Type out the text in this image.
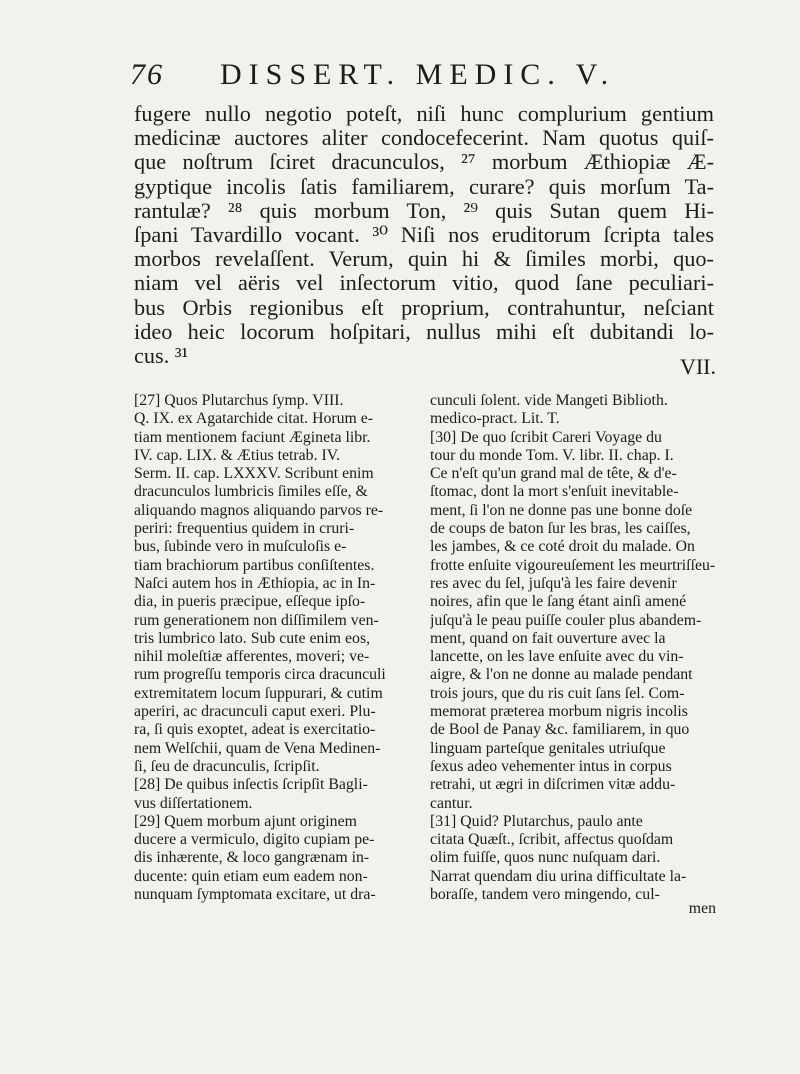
76 DISSERT. MEDIC. V.
fugere nullo negotio poteſt, niſi hunc complurium gentium
medicinæ auctores aliter condocefecerint. Nam quotus quiſ-
que noſtrum ſciret dracunculos, ²⁷ morbum Æthiopiæ Æ-
gyptique incolis ſatis familiarem, curare? quis morſum Ta-
rantulæ? ²⁸ quis morbum Ton, ²⁹ quis Sutan quem Hi-
ſpani Tavardillo vocant. ³⁰ Niſi nos eruditorum ſcripta tales
morbos revelaſſent. Verum, quin hi & ſimiles morbi, quo-
niam vel aëris vel inſectorum vitio, quod ſane peculiari-
bus Orbis regionibus eſt proprium, contrahuntur, neſciant
ideo heic locorum hoſpitari, nullus mihi eſt dubitandi lo-
cus. ³¹	VII.
[27] Quos Plutarchus ſymp. VIII.
Q. IX. ex Agatarchide citat. Horum e-
tiam mentionem faciunt Ægineta libr.
IV. cap. LIX. & Ætius tetrab. IV.
Serm. II. cap. LXXXV. Scribunt enim
dracunculos lumbricis ſimiles eſſe, &
aliquando magnos aliquando parvos re-
periri: frequentius quidem in cruri-
bus, ſubinde vero in muſculoſis e-
tiam brachiorum partibus conſiſtentes.
Naſci autem hos in Æthiopia, ac in In-
dia, in pueris præcipue, eſſeque ipſo-
rum generationem non diſſimilem ven-
tris lumbrico lato. Sub cute enim eos,
nihil moleſtiæ afferentes, moveri; ve-
rum progreſſu temporis circa dracunculi
extremitatem locum ſuppurari, & cutim
aperiri, ac dracunculi caput exeri. Plu-
ra, ſi quis exoptet, adeat is exercitatio-
nem Welſchii, quam de Vena Medinen-
ſi, ſeu de dracunculis, ſcripſit.
[28] De quibus inſectis ſcripſit Bagli-
vus diſſertationem.
[29] Quem morbum ajunt originem
ducere a vermiculo, digito cupiam pe-
dis inhærente, & loco gangrænam in-
ducente: quin etiam eum eadem non-
nunquam ſymptomata excitare, ut dra-
cunculi ſolent. vide Mangeti Biblioth.
medico-pract. Lit. T.
[30] De quo ſcribit Careri Voyage du
tour du monde Tom. V. libr. II. chap. I.
Ce n'eſt qu'un grand mal de tête, & d'e-
ſtomac, dont la mort s'enſuit inevitable-
ment, ſi l'on ne donne pas une bonne doſe
de coups de baton ſur les bras, les caiſſes,
les jambes, & ce coté droit du malade. On
frotte enſuite vigoureuſement les meurtriſſeu-
res avec du ſel, juſqu'à les faire devenir
noires, afin que le ſang étant ainſi amené
juſqu'à le peau puiſſe couler plus abandem-
ment, quand on fait ouverture avec la
lancette, on les lave enſuite avec du vin-
aigre, & l'on ne donne au malade pendant
trois jours, que du ris cuit ſans ſel. Com-
memorat præterea morbum nigris incolis
de Bool de Panay &c. familiarem, in quo
linguam parteſque genitales utriuſque
ſexus adeo vehementer intus in corpus
retrahi, ut ægri in diſcrimen vitæ addu-
cantur.
[31] Quid? Plutarchus, paulo ante
citata Quæſt., ſcribit, affectus quoſdam
olim fuiſſe, quos nunc nuſquam dari.
Narrat quendam diu urina difficultate la-
boraſſe, tandem vero mingendo, cul-
men
